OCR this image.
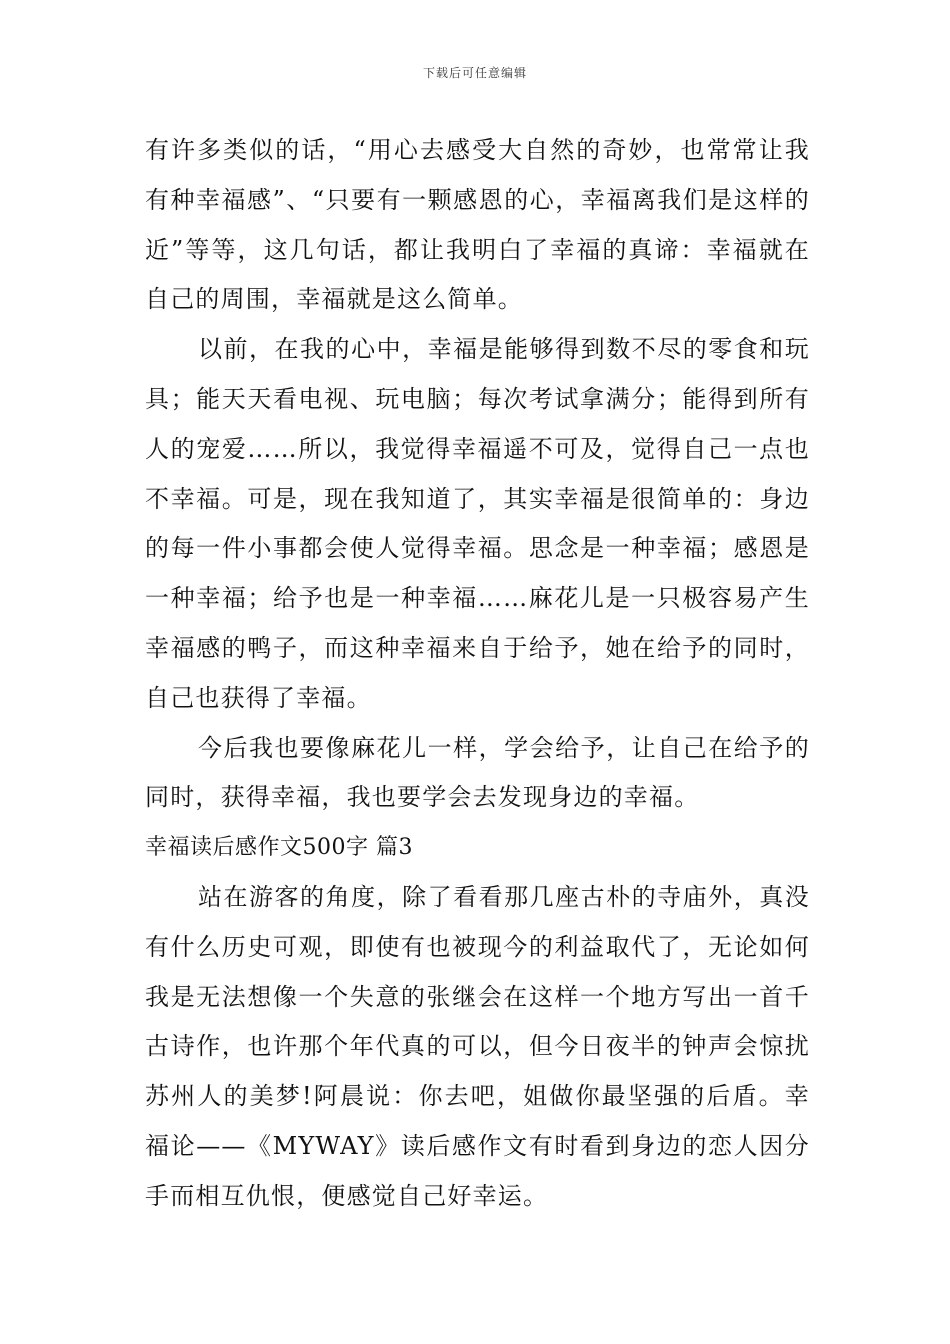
下载后可任意编辑

有许多类似的话，“用心去感受大自然的奇妙，也常常让我有种幸福感”、“只要有一颗感恩的心，幸福离我们是这样的近”等等，这几句话，都让我明白了幸福的真谛：幸福就在自己的周围，幸福就是这么简单。

以前，在我的心中，幸福是能够得到数不尽的零食和玩具；能天天看电视、玩电脑；每次考试拿满分；能得到所有人的宠爱……所以，我觉得幸福遥不可及，觉得自己一点也不幸福。可是，现在我知道了，其实幸福是很简单的：身边的每一件小事都会使人觉得幸福。思念是一种幸福；感恩是一种幸福；给予也是一种幸福……麻花儿是一只极容易产生幸福感的鸭子，而这种幸福来自于给予，她在给予的同时，自己也获得了幸福。

今后我也要像麻花儿一样，学会给予，让自己在给予的同时，获得幸福，我也要学会去发现身边的幸福。

幸福读后感作文500字 篇3

站在游客的角度，除了看看那几座古朴的寺庙外，真没有什么历史可观，即使有也被现今的利益取代了，无论如何我是无法想像一个失意的张继会在这样一个地方写出一首千古诗作，也许那个年代真的可以，但今日夜半的钟声会惊扰苏州人的美梦!阿晨说：你去吧，姐做你最坚强的后盾。幸福论——《MYWAY》读后感作文有时看到身边的恋人因分手而相互仇恨，便感觉自己好幸运。
